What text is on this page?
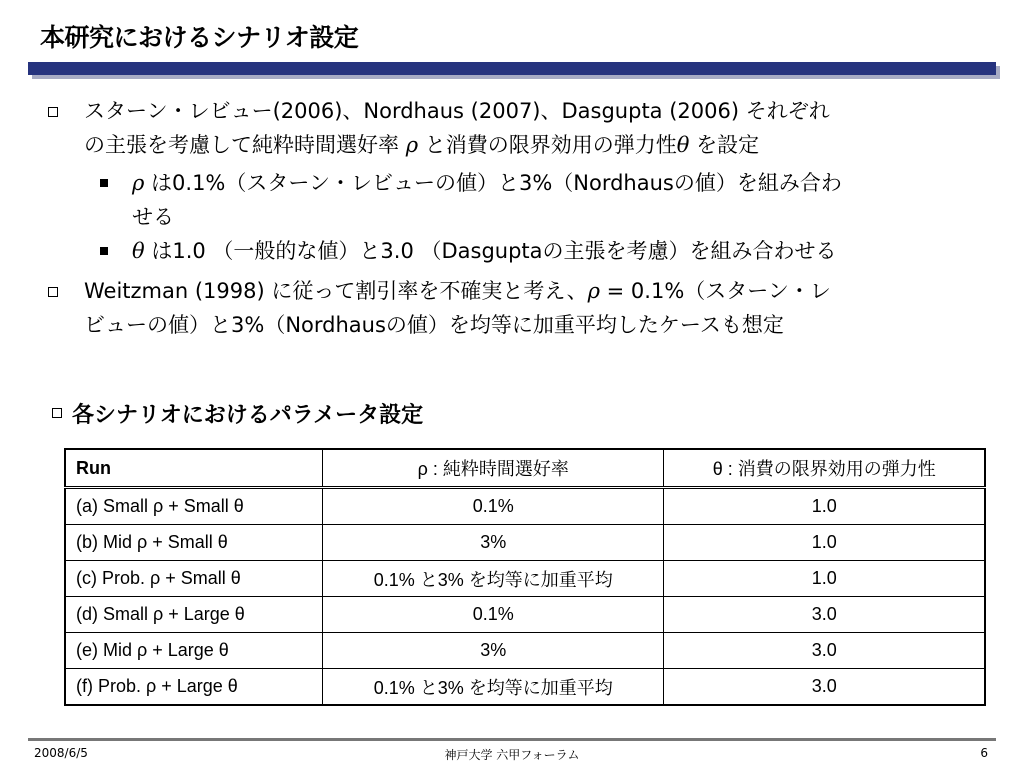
本研究におけるシナリオ設定
スターン・レビュー(2006)、Nordhaus (2007)、Dasgupta (2006) それぞれ
の主張を考慮して純粋時間選好率 ρ と消費の限界効用の弾力性θ を設定
ρ は0.1%（スターン・レビューの値）と3%（Nordhausの値）を組み合わ
せる
θ は1.0 （一般的な値）と3.0 （Dasguptaの主張を考慮）を組み合わせる
Weitzman (1998) に従って割引率を不確実と考え、ρ = 0.1%（スターン・レ
ビューの値）と3%（Nordhausの値）を均等に加重平均したケースも想定
各シナリオにおけるパラメータ設定
Run	ρ : 純粋時間選好率	θ : 消費の限界効用の弾力性
(a) Small ρ + Small θ	0.1%	1.0
(b) Mid ρ + Small θ	3%	1.0
(c) Prob. ρ + Small θ	0.1% と3% を均等に加重平均	1.0
(d) Small ρ + Large θ	0.1%	3.0
(e) Mid ρ + Large θ	3%	3.0
(f) Prob. ρ + Large θ	0.1% と3% を均等に加重平均	3.0
2008/6/5	神戸大学 六甲フォーラム	6
